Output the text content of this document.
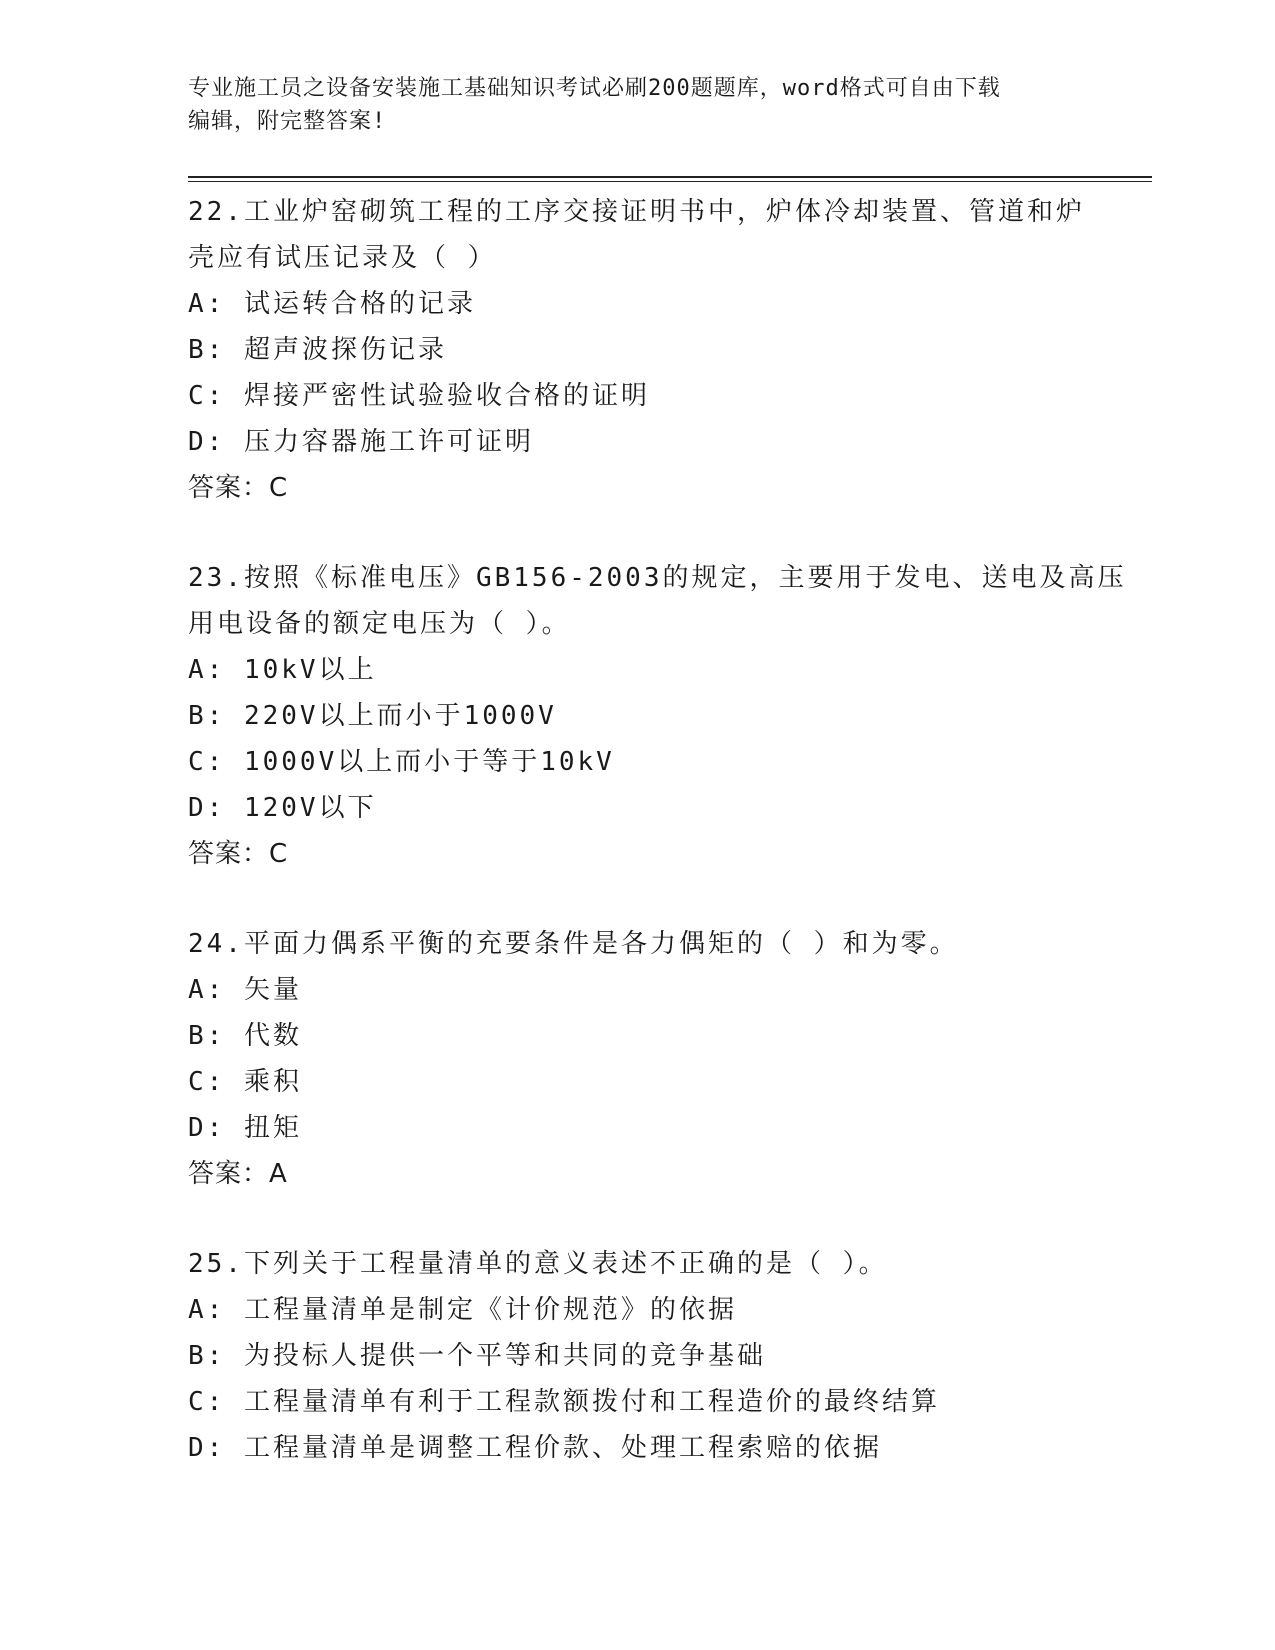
专业施工员之设备安装施工基础知识考试必刷200题题库，word格式可自由下载
编辑，附完整答案!
22.工业炉窑砌筑工程的工序交接证明书中，炉体冷却装置、管道和炉
壳应有试压记录及（ ）
A: 试运转合格的记录
B: 超声波探伤记录
C: 焊接严密性试验验收合格的证明
D: 压力容器施工许可证明
答案：C
23.按照《标准电压》GB156-2003的规定，主要用于发电、送电及高压
用电设备的额定电压为（ ）。
A: 10kV以上
B: 220V以上而小于1000V
C: 1000V以上而小于等于10kV
D: 120V以下
答案：C
24.平面力偶系平衡的充要条件是各力偶矩的（ ）和为零。
A: 矢量
B: 代数
C: 乘积
D: 扭矩
答案：A
25.下列关于工程量清单的意义表述不正确的是（ ）。
A: 工程量清单是制定《计价规范》的依据
B: 为投标人提供一个平等和共同的竞争基础
C: 工程量清单有利于工程款额拨付和工程造价的最终结算
D: 工程量清单是调整工程价款、处理工程索赔的依据
